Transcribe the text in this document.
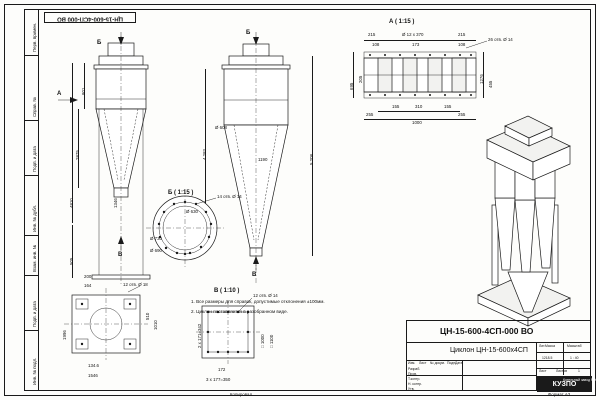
Инв. № подл.
Подп. и дата
Взам. инв. №
Инв. № дубл.
Подп. и дата
Справ. №
Перв. примен.
ЦН-15-600-4СП-000 ВО
Б
А
В
801
2875
4810
505
1346
Б
В
Ø 608
1190
4 283	5 208
А ( 1:15 )
215	Ø 12 х 370	215
108	173	108
26 отв. Ø 14
695
205	1276
455
255
155	310	155
255
1000
Б ( 1:15 )
14 отв. Ø 14
Ø 630
Ø 730
Ø 690
В ( 1:10 )
12 отв. Ø 14
2 х 171=342	□ 1000 □ 1100
172
3 х 177=350
200
164	12 отв. Ø 18
1996
134.6
1546
510
1010
1. Все размеры для справок, допустимые отклонения ±100мм.
2. Циклон поставляется в разобранном виде.
ЦН-15-600-4СП-000 ВО
Циклон ЦН-15-600х4СП
Изм. Лист № докум. Подп.
Дата
Разраб.
Пров.
Т.контр.
Н. контр.
Утв.
Лит. Масса	Масштаб
1218.5	1 : 40
Лист	Листов	1
КУЗПО
Котельный завод РЭП
Копировал	Формат А3
